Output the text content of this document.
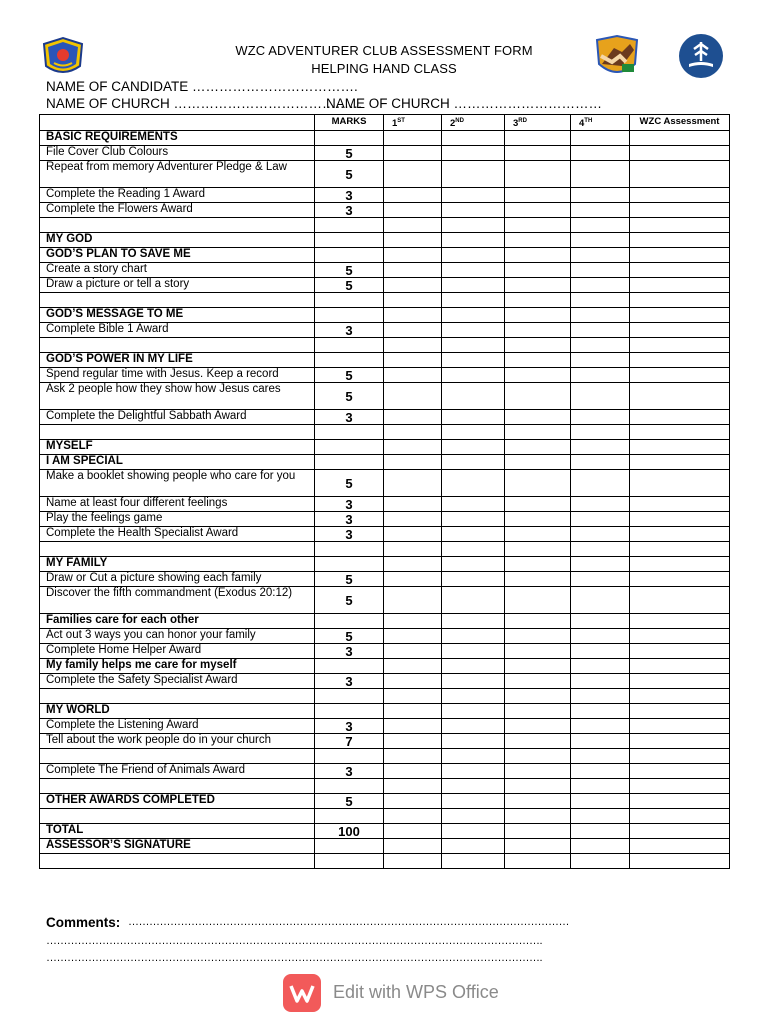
WZC ADVENTURER CLUB ASSESSMENT FORM
HELPING HAND CLASS
NAME OF CANDIDATE ……………………………….
NAME OF CHURCH ……………………………………
NAME OF CHURCH ……………………………
	MARKS	1ST	2ND	3RD	4TH	WZC Assessment
BASIC REQUIREMENTS						
File Cover Club Colours	5					
Repeat from memory Adventurer Pledge & Law	5					
Complete the Reading 1 Award	3					
Complete the Flowers Award	3					

MY GOD						
GOD’S PLAN TO SAVE ME						
Create a story chart	5					
Draw a picture or tell a story	5					

GOD’S MESSAGE TO ME						
Complete Bible 1 Award	3					

GOD’S POWER IN MY LIFE						
Spend regular time with Jesus. Keep a record	5					
Ask 2 people how they show how Jesus cares	5					
Complete the Delightful Sabbath Award	3					

MYSELF						
I AM SPECIAL						
Make a booklet showing people who care for you	5					
Name at least four different feelings	3					
Play the feelings game	3					
Complete the Health Specialist Award	3					

MY FAMILY						
Draw or Cut a picture showing each family	5					
Discover the fifth commandment (Exodus 20:12)	5					
Families care for each other						
Act out 3 ways you can honor your family	5					
Complete Home Helper Award	3					
My family helps me care for myself						
Complete the Safety Specialist Award	3					

MY WORLD						
Complete the Listening Award	3					
Tell about the work people do in your church	7					

Complete The Friend of Animals Award	3					

OTHER AWARDS COMPLETED	5					

TOTAL	100					
ASSESSOR’S SIGNATURE						

Comments: ………………………………………………………………………………………………………………
…………………………………………………………………………………………………………………………….
…………………………………………………………………………………………………………………………….
Edit with WPS Office
